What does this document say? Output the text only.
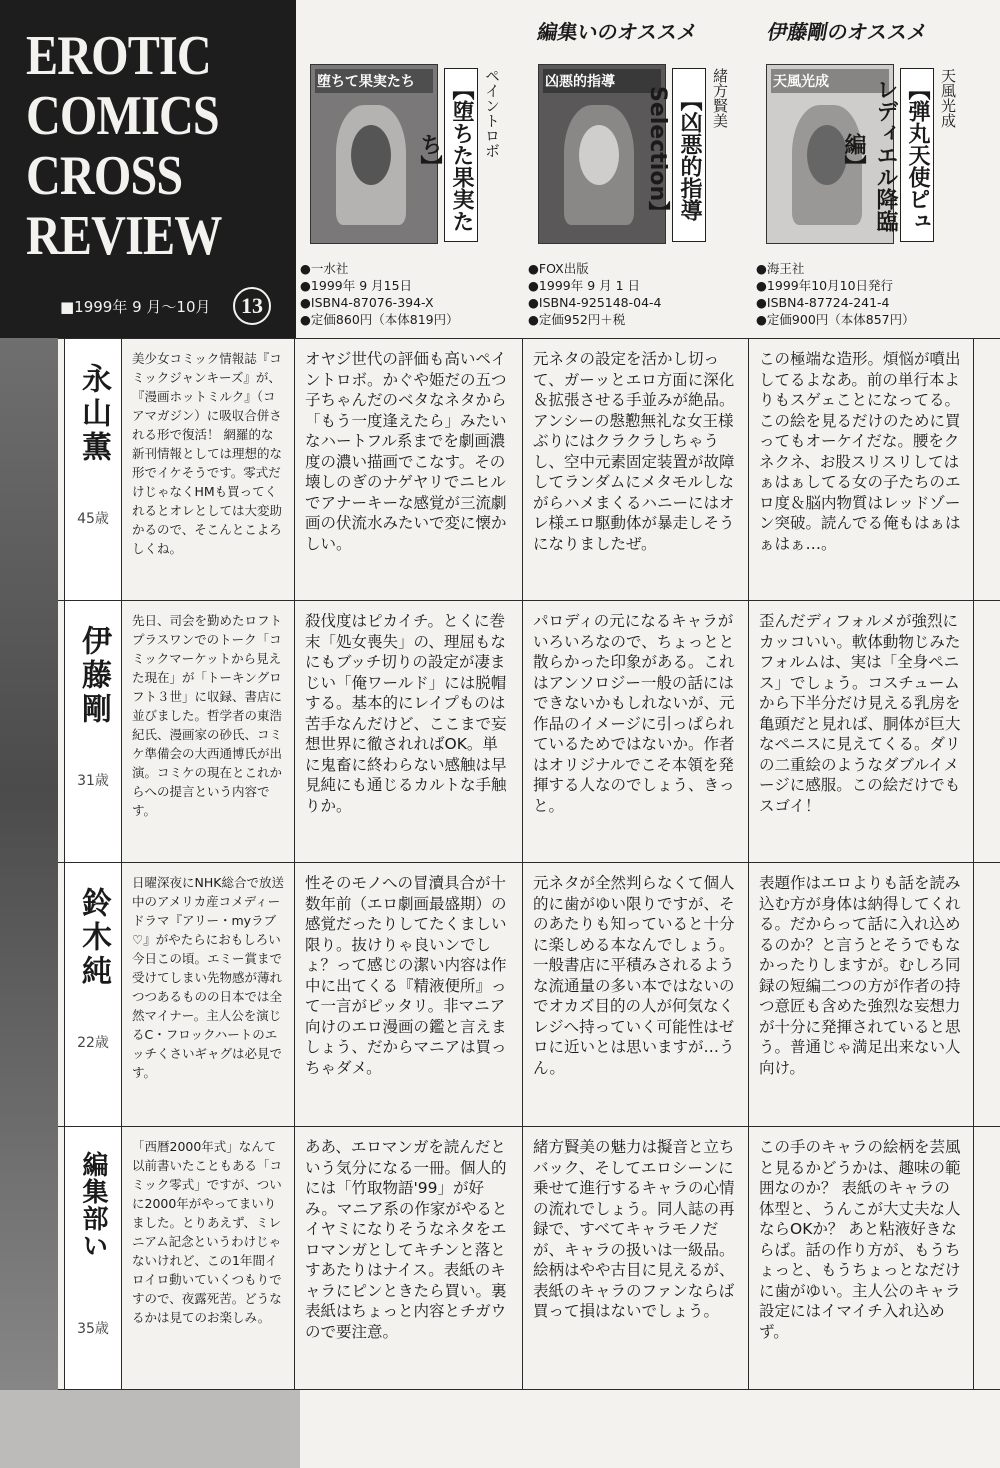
EROTIC
COMICS
CROSS
REVIEW
■1999年 9 月〜10月	13
編集いのオススメ	伊藤剛のオススメ
堕ちて果実たち	【堕ちた果実たち】	ペイントロボ
●一水社
●1999年 9 月15日
●ISBN4-87076-394-X
●定価860円（本体819円）
凶悪的指導
【凶悪的指導 Selection】	緒方賢美
●FOX出版
●1999年 9 月 1 日
●ISBN4-925148-04-4
●定価952円＋税
天風光成	【弾丸天使ピュレディエル降臨編】
天風光成
●海王社
●1999年10月10日発行
●ISBN4-87724-241-4
●定価900円（本体857円）
永山薫
45歳
美少女コミック情報誌『コミックジャンキーズ』が、『漫画ホットミルク』（コアマガジン）に吸収合併される形で復活！ 網羅的な新刊情報としては理想的な形でイケそうです。零式だけじゃなくHMも買ってくれるとオレとしては大変助かるので、そこんとこよろしくね。
オヤジ世代の評価も高いペイントロボ。かぐや姫だの五つ子ちゃんだのベタなネタから「もう一度逢えたら」みたいなハートフル系までを劇画濃度の濃い描画でこなす。その壊しのぎのナゲヤリでニヒルでアナーキーな感覚が三流劇画の伏流水みたいで変に懐かしい。
元ネタの設定を活かし切って、ガーッとエロ方面に深化＆拡張させる手並みが絶品。アンシーの慇懃無礼な女王様ぶりにはクラクラしちゃうし、空中元素固定装置が故障してランダムにメタモルしながらハメまくるハニーにはオレ様エロ駆動体が暴走しそうになりましたぜ。
この極端な造形。煩悩が噴出してるよなあ。前の単行本よりもスゲェことになってる。この絵を見るだけのために買ってもオーケイだな。腰をクネクネ、お股スリスリしてはぁはぁしてる女の子たちのエロ度＆脳内物質はレッドゾーン突破。読んでる俺もはぁはぁはぁ…。
伊藤剛
31歳
先日、司会を勤めたロフトプラスワンでのトーク「コミックマーケットから見えた現在」が「トーキングロフト３世」に収録、書店に並びました。哲学者の東浩紀氏、漫画家の砂氏、コミケ準備会の大西通博氏が出演。コミケの現在とこれからへの提言という内容です。
殺伐度はピカイチ。とくに巻末「処女喪失」の、理屈もなにもブッチ切りの設定が凄まじい「俺ワールド」には脱帽する。基本的にレイプものは苦手なんだけど、ここまで妄想世界に徹されればOK。単に鬼畜に終わらない感触は早見純にも通じるカルトな手触りか。
パロディの元になるキャラがいろいろなので、ちょっとと散らかった印象がある。これはアンソロジー一般の話にはできないかもしれないが、元作品のイメージに引っぱられているためではないか。作者はオリジナルでこそ本領を発揮する人なのでしょう、きっと。
歪んだディフォルメが強烈にカッコいい。軟体動物じみたフォルムは、実は「全身ペニス」でしょう。コスチュームから下半分だけ見える乳房を亀頭だと見れば、胴体が巨大なペニスに見えてくる。ダリの二重絵のようなダブルイメージに感服。この絵だけでもスゴイ！
鈴木純
22歳
日曜深夜にNHK総合で放送中のアメリカ産コメディードラマ『アリー・myラブ♡』がやたらにおもしろい今日この頃。エミー賞まで受けてしまい先物感が薄れつつあるものの日本では全然マイナー。主人公を演じるC・フロックハートのエッチくさいギャグは必見です。
性そのモノへの冒瀆具合が十数年前（エロ劇画最盛期）の感覚だったりしてたくましい限り。抜けりゃ良いンでしょ？って感じの潔い内容は作中に出てくる『精液便所』って一言がピッタリ。非マニア向けのエロ漫画の鑑と言えましょう、だからマニアは買っちゃダメ。
元ネタが全然判らなくて個人的に歯がゆい限りですが、そのあたりも知っていると十分に楽しめる本なんでしょう。一般書店に平積みされるような流通量の多い本ではないのでオカズ目的の人が何気なくレジへ持っていく可能性はゼロに近いとは思いますが…うん。
表題作はエロよりも話を読み込む方が身体は納得してくれる。だからって話に入れ込めるのか？と言うとそうでもなかったりしますが。むしろ同録の短編二つの方が作者の持つ意匠も含めた強烈な妄想力が十分に発揮されていると思う。普通じゃ満足出来ない人向け。
編集部い
35歳
「西暦2000年式」なんて以前書いたこともある「コミック零式」ですが、ついに2000年がやってまいりました。とりあえず、ミレニアム記念というわけじゃないけれど、この1年間イロイロ動いていくつもりですので、夜露死苦。どうなるかは見てのお楽しみ。
ああ、エロマンガを読んだという気分になる一冊。個人的には「竹取物語'99」が好み。マニア系の作家がやるとイヤミになりそうなネタをエロマンガとしてキチンと落とすあたりはナイス。表紙のキャラにピンときたら買い。裏表紙はちょっと内容とチガウので要注意。
緒方賢美の魅力は擬音と立ちバック、そしてエロシーンに乗せて進行するキャラの心情の流れでしょう。同人誌の再録で、すべてキャラモノだが、キャラの扱いは一級品。絵柄はやや古目に見えるが、表紙のキャラのファンならば買って損はないでしょう。
この手のキャラの絵柄を芸風と見るかどうかは、趣味の範囲なのか？ 表紙のキャラの体型と、うんこが大丈夫な人ならOKか？ あと粘液好きならば。話の作り方が、もうちょっと、もうちょっとなだけに歯がゆい。主人公のキャラ設定にはイマイチ入れ込めず。
